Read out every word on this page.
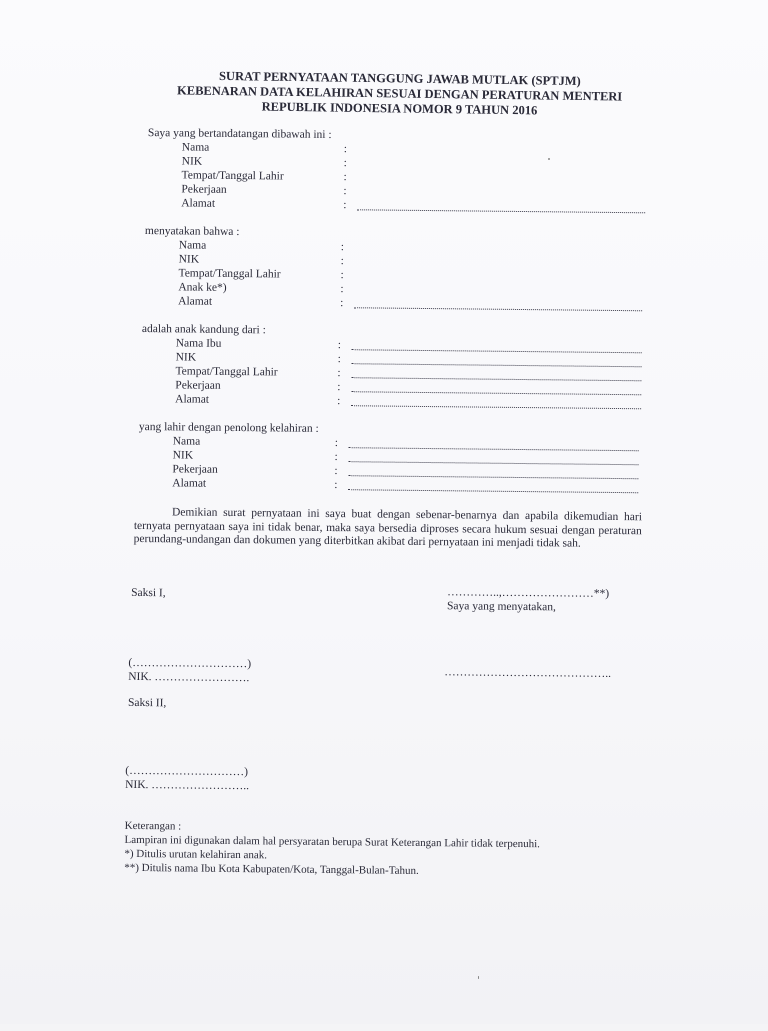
SURAT PERNYATAAN TANGGUNG JAWAB MUTLAK (SPTJM)
KEBENARAN DATA KELAHIRAN SESUAI DENGAN PERATURAN MENTERI
REPUBLIK INDONESIA NOMOR 9 TAHUN 2016
Saya yang bertandatangan dibawah ini :
Nama
NIK
Tempat/Tanggal Lahir
Pekerjaan
Alamat
:
:
:
:
:
menyatakan bahwa :
Nama
NIK
Tempat/Tanggal Lahir
Anak ke*)
Alamat
:
:
:
:
:
adalah anak kandung dari :
Nama Ibu
NIK
Tempat/Tanggal Lahir
Pekerjaan
Alamat
:
:
:
:
:
yang lahir dengan penolong kelahiran :
Nama
NIK
Pekerjaan
Alamat
:
:
:
:
Demikian surat pernyataan ini saya buat dengan sebenar-benarnya dan apabila dikemudian hari ternyata pernyataan saya ini tidak benar, maka saya bersedia diproses secara hukum sesuai dengan peraturan perundang-undangan dan dokumen yang diterbitkan akibat dari pernyataan ini menjadi tidak sah.
Saksi I,	…………..,……………………**)
Saya yang menyatakan,
(…………………………)
NIK. …………………….	……………………………………..
Saksi II,
(…………………………)
NIK. ……………………..
Keterangan :
Lampiran ini digunakan dalam hal persyaratan berupa Surat Keterangan Lahir tidak terpenuhi.
*) Ditulis urutan kelahiran anak.
**) Ditulis nama Ibu Kota Kabupaten/Kota, Tanggal-Bulan-Tahun.
